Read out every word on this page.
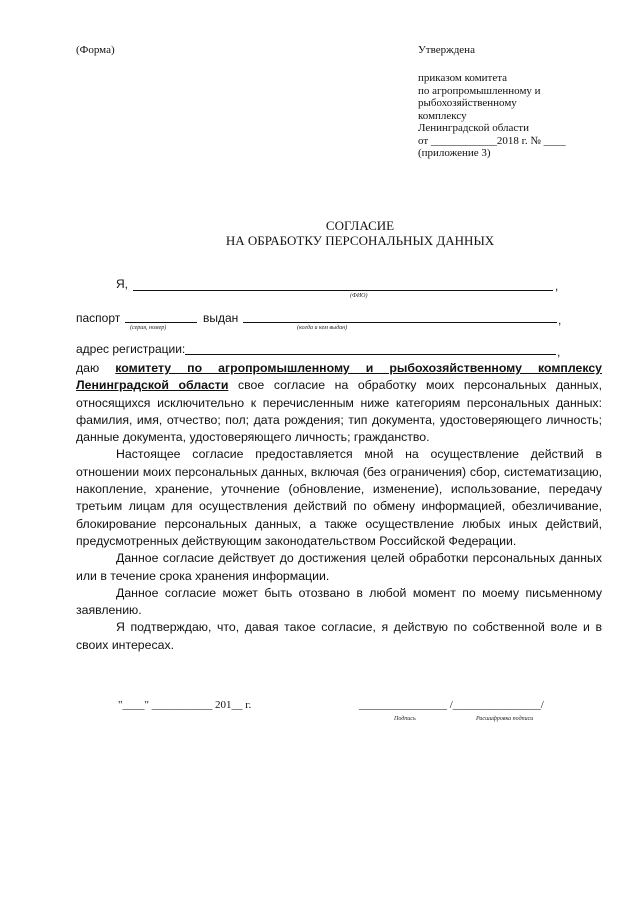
(Форма)	Утверждена
приказом комитета
по агропромышленному и
рыбохозяйственному
комплексу
Ленинградской области
от ____________2018 г. № ____
(приложение 3)
СОГЛАСИЕ
НА ОБРАБОТКУ ПЕРСОНАЛЬНЫХ ДАННЫХ
Я,	,
(ФИО)
паспорт	выдан	,
(серия, номер)	(когда и кем выдан)
адрес регистрации:	,

даю комитету по агропромышленному и рыбохозяйственному комплексу Ленинградской области свое согласие на обработку моих персональных данных, относящихся исключительно к перечисленным ниже категориям персональных данных: фамилия, имя, отчество; пол; дата рождения; тип документа, удостоверяющего личность; данные документа, удостоверяющего личность; гражданство.

Настоящее согласие предоставляется мной на осуществление действий в отношении моих персональных данных, включая (без ограничения) сбор, систематизацию, накопление, хранение, уточнение (обновление, изменение), использование, передачу третьим лицам для осуществления действий по обмену информацией, обезличивание, блокирование персональных данных, а также осуществление любых иных действий, предусмотренных действующим законодательством Российской Федерации.

Данное согласие действует до достижения целей обработки персональных данных или в течение срока хранения информации.

Данное согласие может быть отозвано в любой момент по моему письменному заявлению.

Я подтверждаю, что, давая такое согласие, я действую по собственной воле и в своих интересах.

"____" ___________ 201__ г.	________________ /________________/
Подпись	Расшифровка подписи
